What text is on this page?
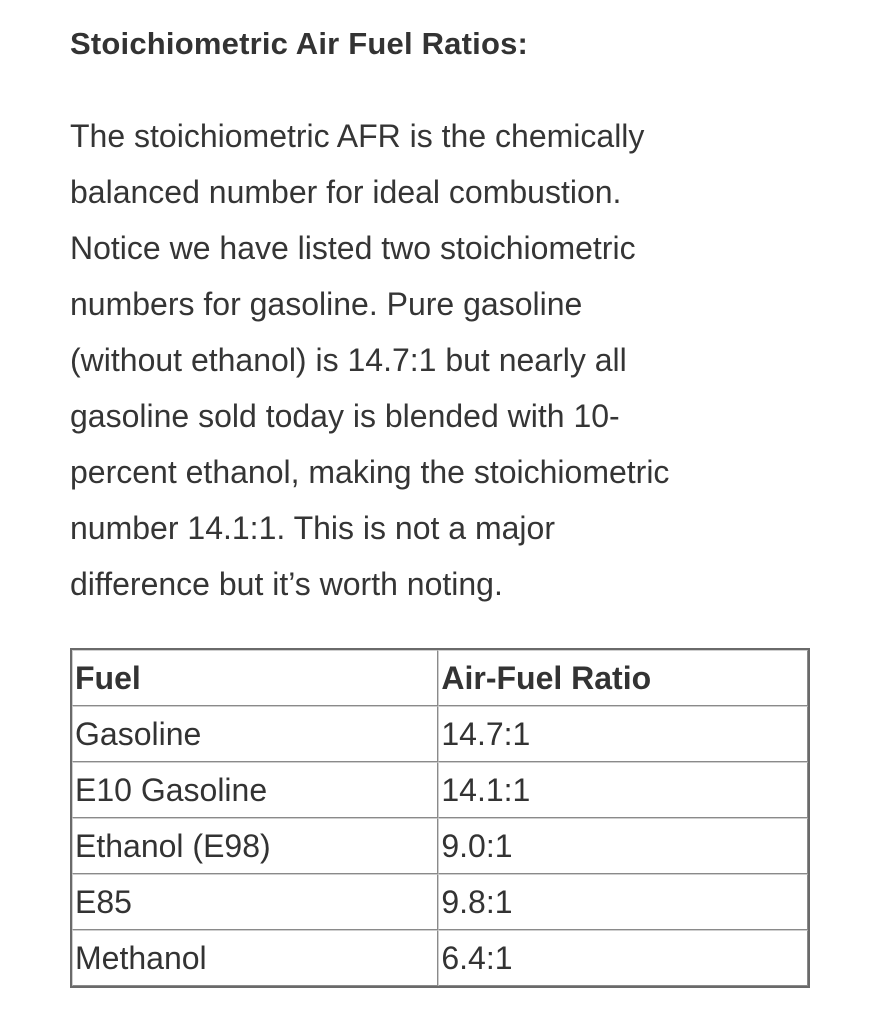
Stoichiometric Air Fuel Ratios:

The stoichiometric AFR is the chemically
balanced number for ideal combustion.
Notice we have listed two stoichiometric
numbers for gasoline. Pure gasoline
(without ethanol) is 14.7:1 but nearly all
gasoline sold today is blended with 10-
percent ethanol, making the stoichiometric
number 14.1:1. This is not a major
difference but it’s worth noting.

Fuel	Air-Fuel Ratio
Gasoline	14.7:1
E10 Gasoline	14.1:1
Ethanol (E98)	9.0:1
E85	9.8:1
Methanol	6.4:1
